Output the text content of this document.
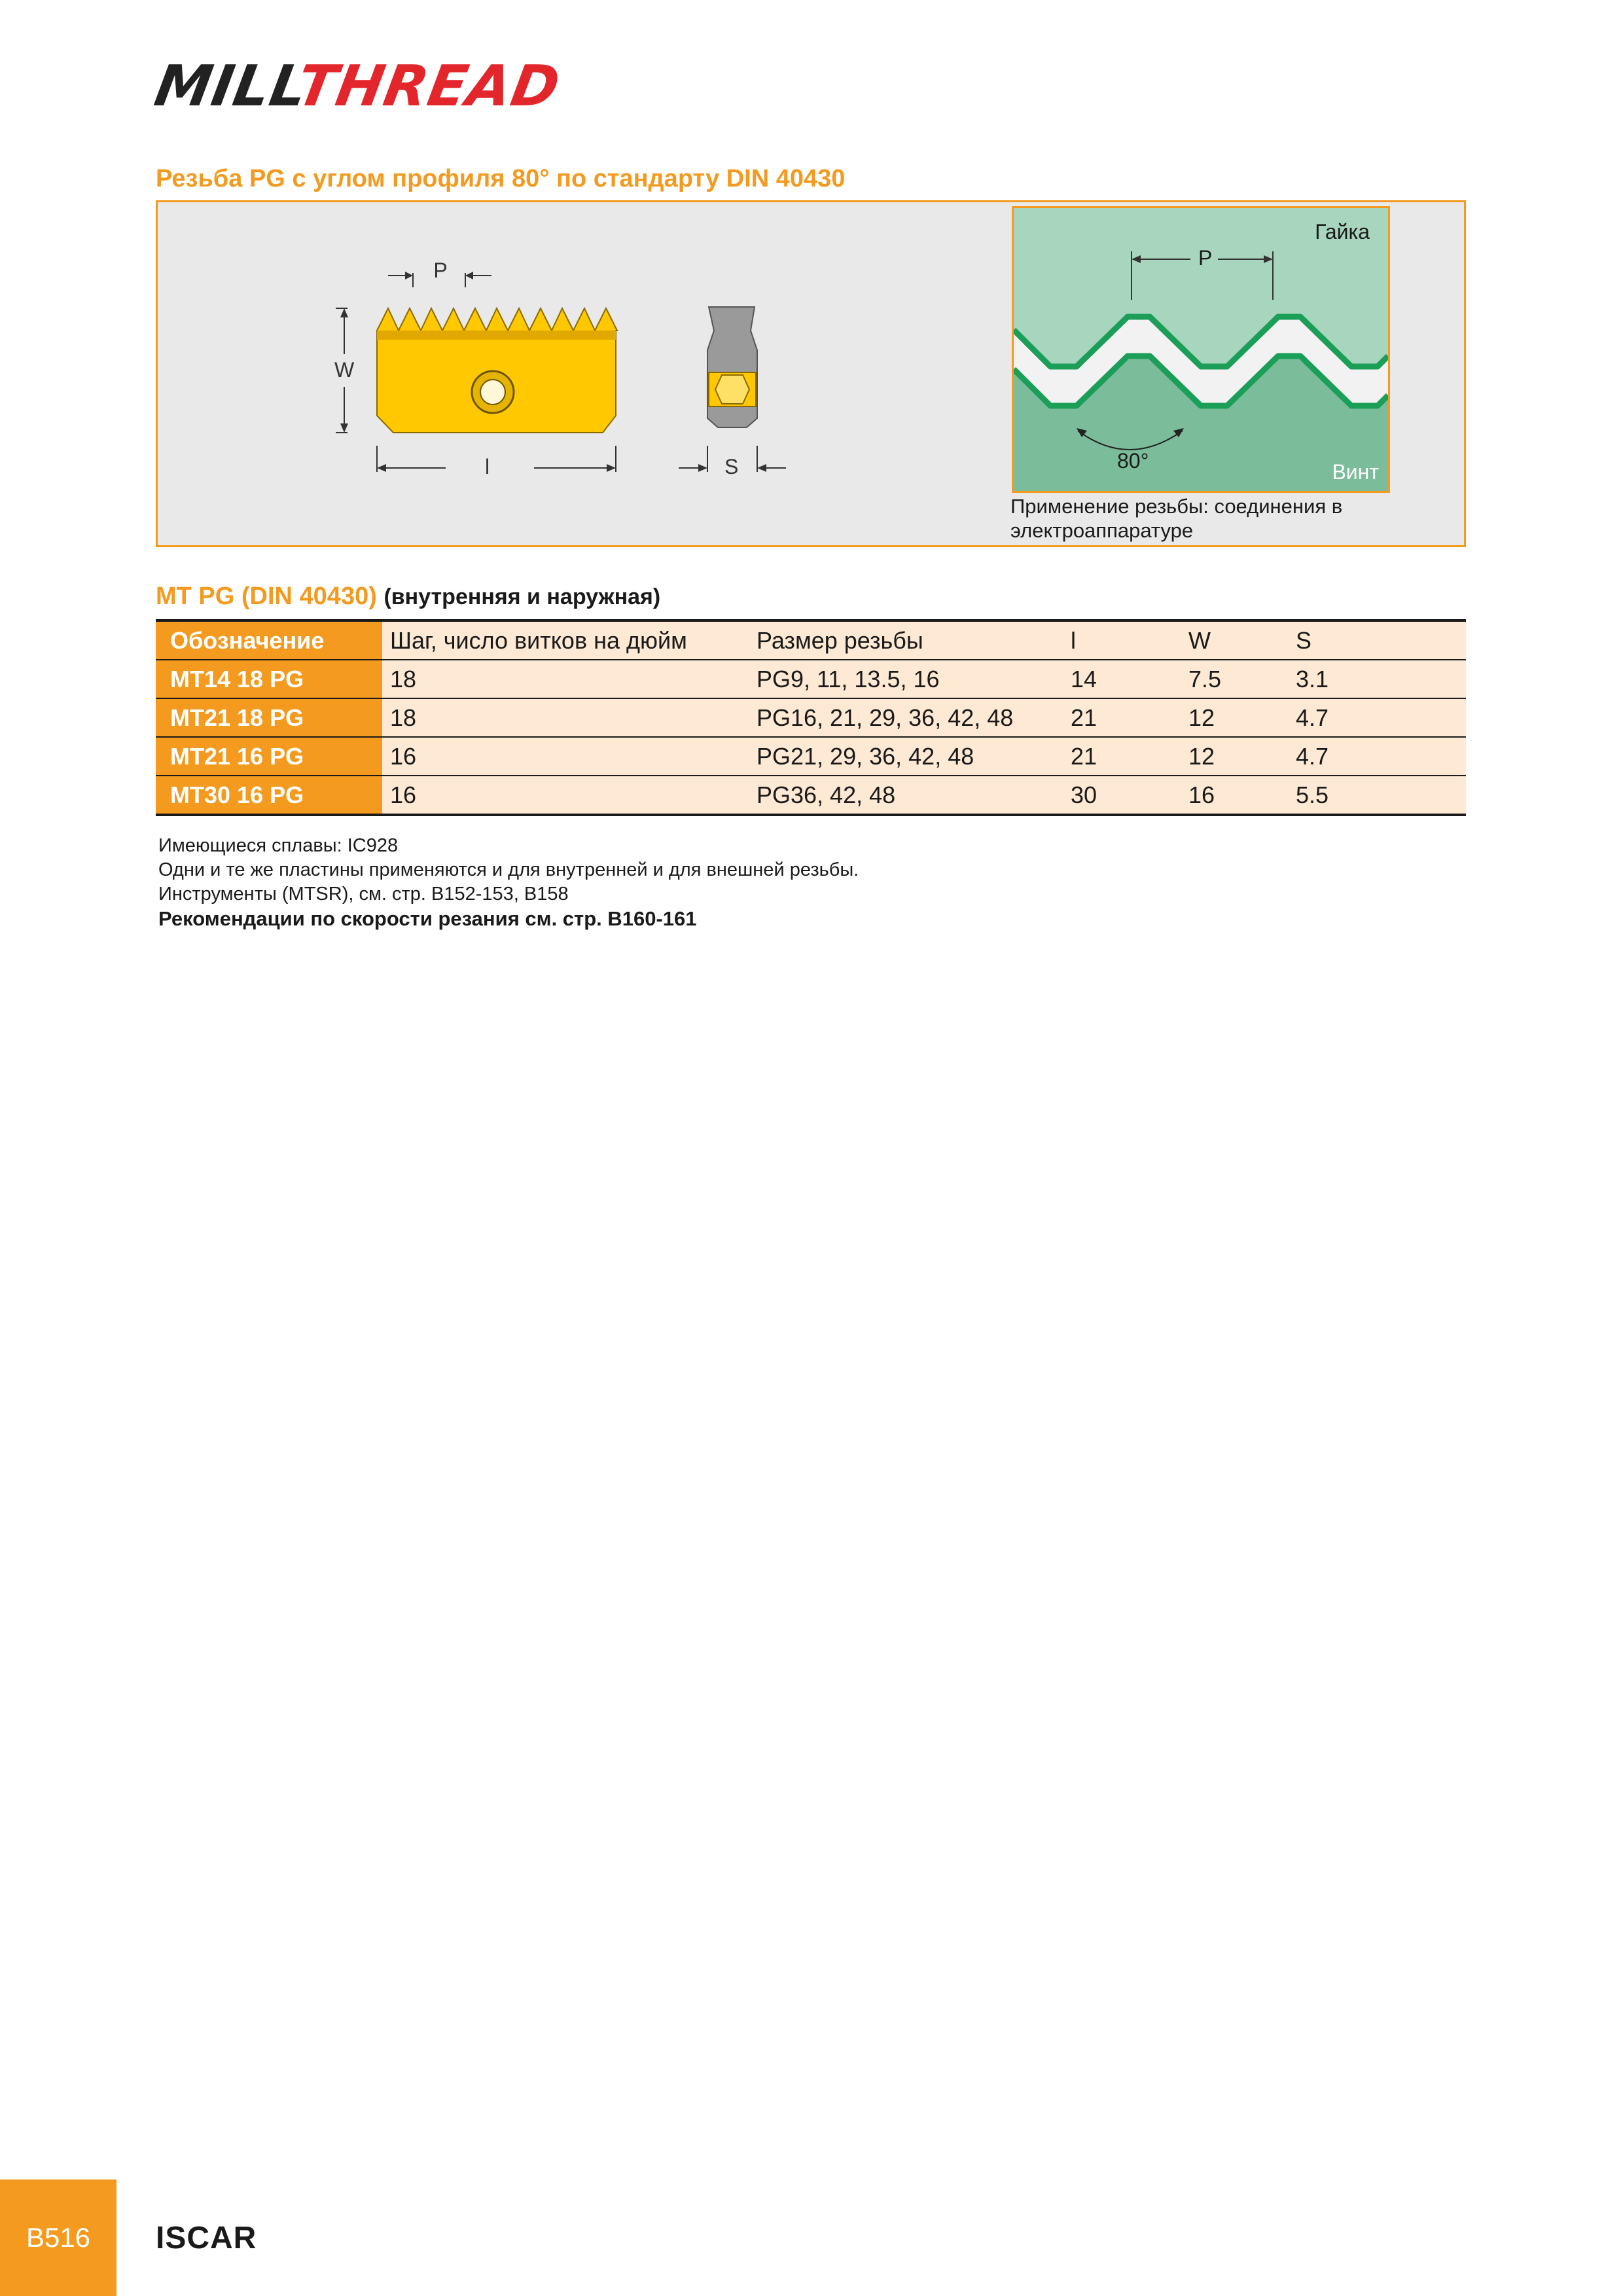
MILLTHREAD
Резьба PG с углом профиля 80° по стандарту DIN 40430
P
W
l	S
Гайка
Винт
P
80°
Применение резьбы: соединения в электроаппаратуре
MT PG (DIN 40430) (внутренняя и наружная)
Обозначение	Шаг, число витков на дюйм	Размер резьбы	l	W	S
MT14 18 PG	18	PG9, 11, 13.5, 16	14	7.5	3.1
MT21 18 PG	18	PG16, 21, 29, 36, 42, 48	21	12	4.7
MT21 16 PG	16	PG21, 29, 36, 42, 48	21	12	4.7
MT30 16 PG	16	PG36, 42, 48	30	16	5.5
Имеющиеся сплавы: IC928
Одни и те же пластины применяются и для внутренней и для внешней резьбы.
Инструменты (MTSR), см. стр. B152-153, B158
Рекомендации по скорости резания см. стр. B160-161
B516 ISCAR
